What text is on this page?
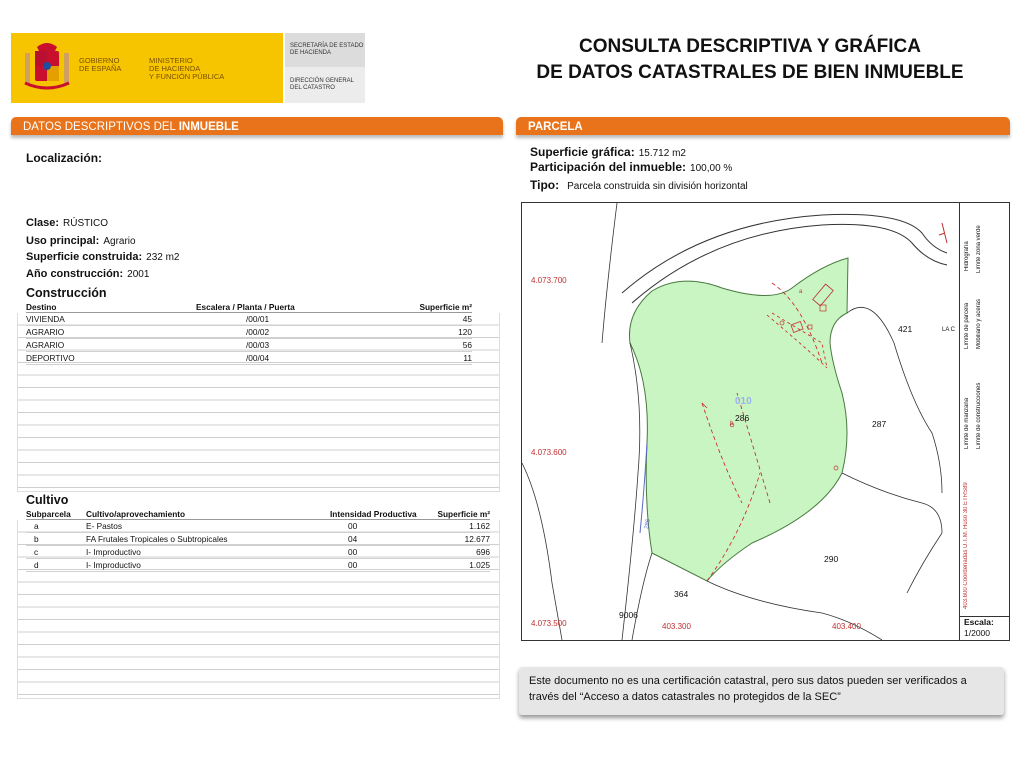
GOBIERNO
DE ESPAÑA
MINISTERIO
DE HACIENDA
Y FUNCIÓN PÚBLICA
SECRETARÍA DE ESTADO
DE HACIENDA
DIRECCIÓN GENERAL
DEL CATASTRO
CONSULTA DESCRIPTIVA Y GRÁFICA
DE DATOS CATASTRALES DE BIEN INMUEBLE
DATOS DESCRIPTIVOS DEL INMUEBLE
Localización:
Clase: RÚSTICO
Uso principal: Agrario
Superficie construida: 232 m2
Año construcción: 2001
Construcción
Destino	Escalera / Planta / Puerta	Superficie m²
VIVIENDA	/00/01	45
AGRARIO	/00/02	120
AGRARIO	/00/03	56
DEPORTIVO	/00/04	11
Cultivo
Subparcela	Cultivo/aprovechamiento	Intensidad Productiva	Superficie m²
a	E- Pastos	00	1.162
b	FA Frutales Tropicales o Subtropicales	04	12.677
c	I- Improductivo	00	696
d	I- Improductivo	00	1.025
PARCELA
Superficie gráfica: 15.712 m2
Participación del inmueble: 100,00 %
Tipo: Parcela construida sin división horizontal
4.073.700
4.073.600
4.073.500	403.300	403.400
010
286
287
290
364
421
9006
LA C
286
a
b
403.600 Coordenadas U.T.M. Huso 30 ETRS89
Límite de manzana	Límite de construcciones
Límite de parcela	Mobiliario y aceras
Hidrografía	Límite zona verde
Escala:
1/2000
Este documento no es una certificación catastral, pero sus datos pueden ser verificados a través del “Acceso a datos catastrales no protegidos de la SEC”
